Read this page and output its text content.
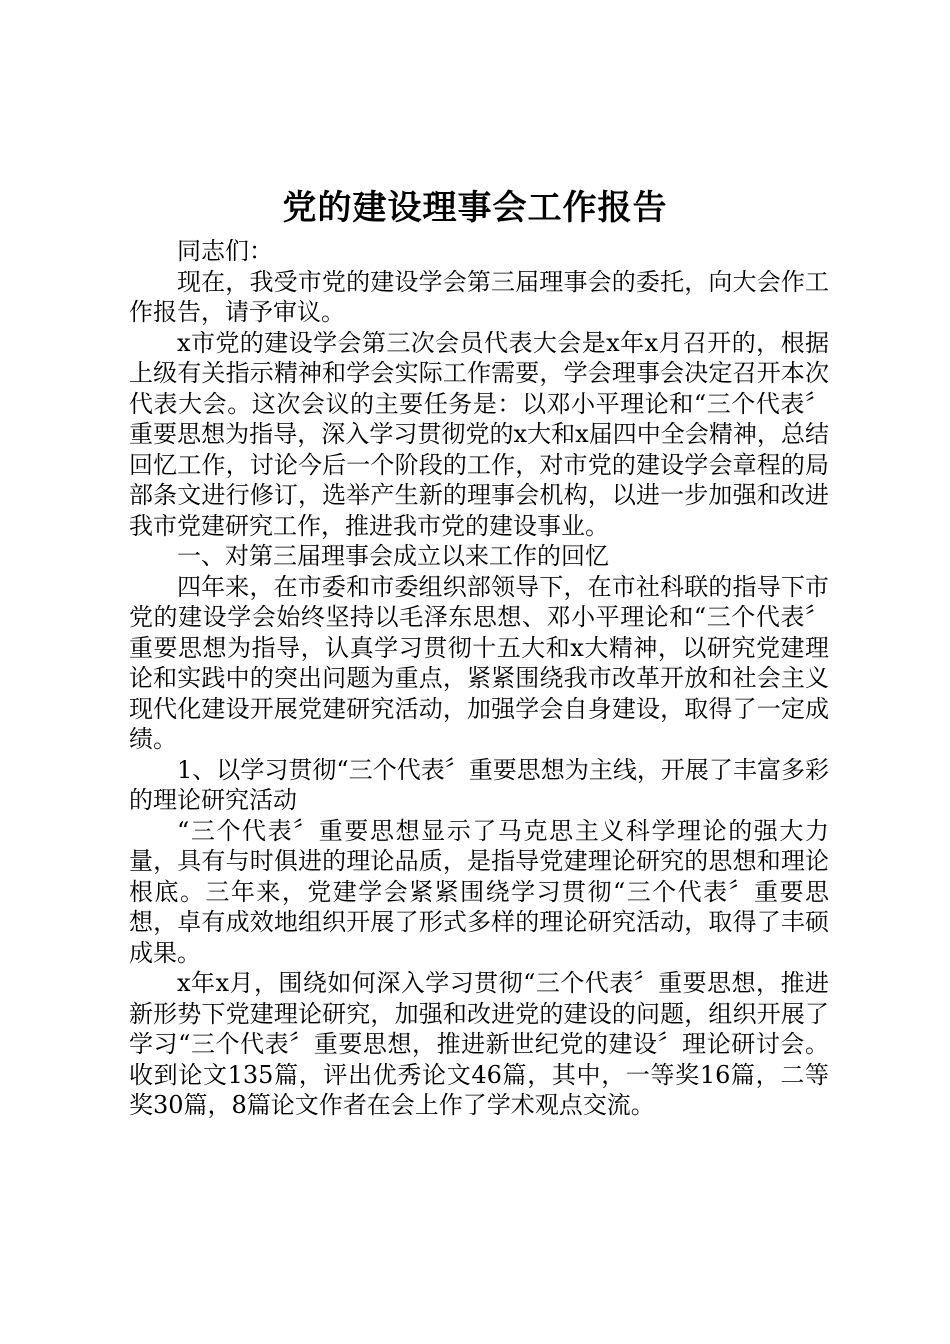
党的建设理事会工作报告

同志们：

现在，我受市党的建设学会第三届理事会的委托，向大会作工作报告，请予审议。

x市党的建设学会第三次会员代表大会是x年x月召开的，根据上级有关指示精神和学会实际工作需要，学会理事会决定召开本次代表大会。这次会议的主要任务是：以邓小平理论和“三个代表〞重要思想为指导，深入学习贯彻党的x大和x届四中全会精神，总结回忆工作，讨论今后一个阶段的工作，对市党的建设学会章程的局部条文进行修订，选举产生新的理事会机构，以进一步加强和改进我市党建研究工作，推进我市党的建设事业。

一、对第三届理事会成立以来工作的回忆

四年来，在市委和市委组织部领导下，在市社科联的指导下市党的建设学会始终坚持以毛泽东思想、邓小平理论和“三个代表〞重要思想为指导，认真学习贯彻十五大和x大精神，以研究党建理论和实践中的突出问题为重点，紧紧围绕我市改革开放和社会主义现代化建设开展党建研究活动，加强学会自身建设，取得了一定成绩。

1、以学习贯彻“三个代表〞重要思想为主线，开展了丰富多彩的理论研究活动

“三个代表〞重要思想显示了马克思主义科学理论的强大力量，具有与时俱进的理论品质，是指导党建理论研究的思想和理论根底。三年来，党建学会紧紧围绕学习贯彻“三个代表〞重要思想，卓有成效地组织开展了形式多样的理论研究活动，取得了丰硕成果。

x年x月，围绕如何深入学习贯彻“三个代表〞重要思想，推进新形势下党建理论研究，加强和改进党的建设的问题，组织开展了学习“三个代表〞重要思想，推进新世纪党的建设〞理论研讨会。收到论文135篇，评出优秀论文46篇，其中，一等奖16篇，二等奖30篇，8篇论文作者在会上作了学术观点交流。
